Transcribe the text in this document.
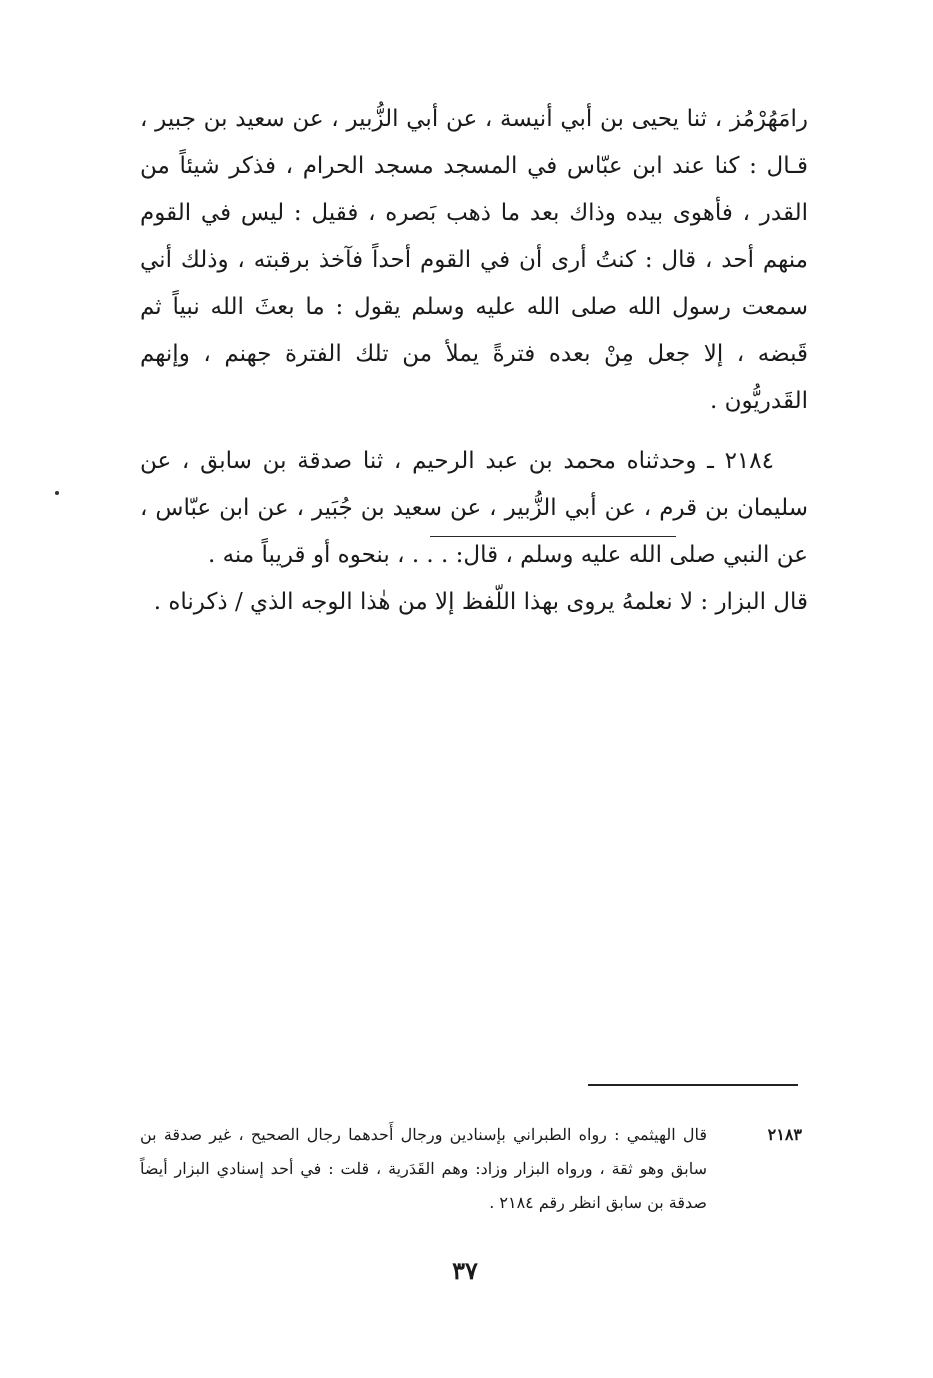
رامَهُرْمُز ، ثنا يحيى بن أبي أنيسة ، عن أبي الزُّبير ، عن سعيد بن جبير ، قـال : كنا عند ابن عبّاس في المسجد مسجد الحرام ، فذكر شيئاً من القدر ، فأهوى بيده وذاك بعد ما ذهب بَصره ، فقيل : ليس في القوم منهم أحد ، قال : كنتُ أرى أن في القوم أحداً فآخذ برقبته ، وذلك أني سمعت رسول الله صلى الله عليه وسلم يقول : ما بعثَ الله نبياً ثم قَبضه ، إلا جعل مِنْ بعده فترةً يملأ من تلك الفترة جهنم ، وإنهم القَدريُّون .

٢١٨٤ ـ وحدثناه محمد بن عبد الرحيم ، ثنا صدقة بن سابق ، عن سليمان بن قرم ، عن أبي الزُّبير ، عن سعيد بن جُبَير ، عن ابن عبّاس ، عن النبي صلى الله عليه وسلم ، قال: . . . ، بنحوه أو قريباً منه .

قال البزار : لا نعلمهُ يروى بهذا اللّفظ إلا من هٰذا الوجه الذي / ذكرناه .

٢١٨٣
قال الهيثمي : رواه الطبراني بإسنادين ورجال أَحدهما رجال الصحيح ، غير صدقة بن سابق وهو ثقة ، ورواه البزار وزاد: وهم القَدَرية ، قلت : في أحد إسنادي البزار أيضاً صدقة بن سابق انظر رقم ٢١٨٤ .
٣٧
